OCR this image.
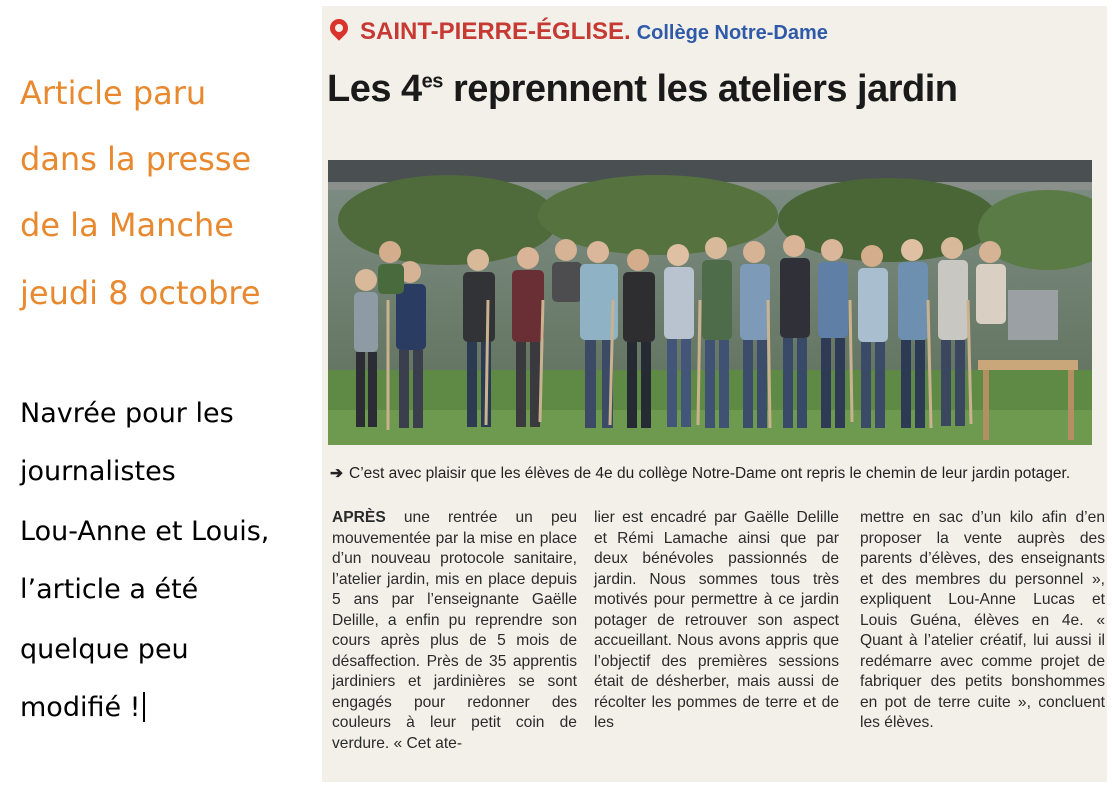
Article paru
dans la presse
de la Manche
jeudi 8 octobre
Navrée pour les
journalistes
Lou-Anne et Louis,
l’article a été
quelque peu
modifié !
SAINT-PIERRE-ÉGLISE. Collège Notre-Dame
Les $4^{es}$ reprennent les ateliers jardin
➔ C’est avec plaisir que les élèves de 4e du collège Notre-Dame ont repris le chemin de leur jardin potager.
APRÈS une rentrée un peu mouvementée par la mise en place d’un nouveau protocole sanitaire, l’atelier jardin, mis en place depuis 5 ans par l’enseignante Gaëlle Delille, a enfin pu reprendre son cours après plus de 5 mois de désaffection. Près de 35 apprentis jardiniers et jardinières se sont engagés pour redonner des couleurs à leur petit coin de verdure. « Cet ate-
lier est encadré par Gaëlle Delille et Rémi Lamache ainsi que par deux bénévoles passionnés de jardin. Nous sommes tous très motivés pour permettre à ce jardin potager de retrouver son aspect accueillant. Nous avons appris que l’objectif des premières sessions était de désherber, mais aussi de récolter les pommes de terre et de les
mettre en sac d’un kilo afin d’en proposer la vente auprès des parents d’élèves, des enseignants et des membres du personnel », expliquent Lou-Anne Lucas et Louis Guéna, élèves en 4e. « Quant à l’atelier créatif, lui aussi il redémarre avec comme projet de fabriquer des petits bonshommes en pot de terre cuite », concluent les élèves.
